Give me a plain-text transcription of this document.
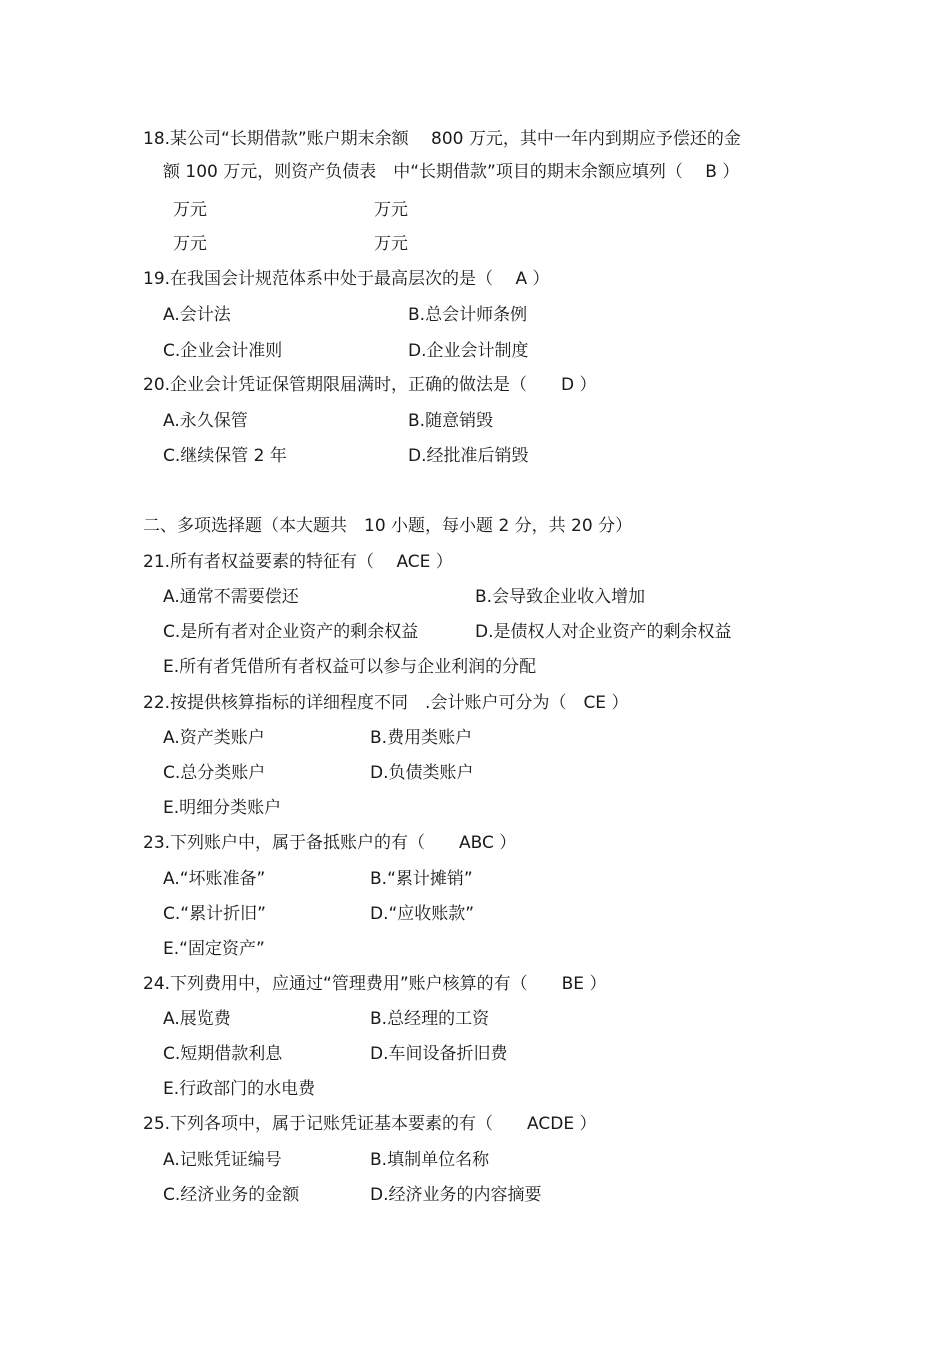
18.某公司“长期借款”账户期末余额　 800 万元，其中一年内到期应予偿还的金
额 100 万元，则资产负债表　中“长期借款”项目的期末余额应填列（　 B ）
万元	万元
万元	万元
19.在我国会计规范体系中处于最高层次的是（　 A ）
A.会计法	B.总会计师条例
C.企业会计准则	D.企业会计制度
20.企业会计凭证保管期限届满时，正确的做法是（　　D ）
A.永久保管	B.随意销毁
C.继续保管 2 年	D.经批准后销毁
二、多项选择题（本大题共　10 小题，每小题 2 分，共 20 分）
21.所有者权益要素的特征有（　 ACE ）
A.通常不需要偿还	B.会导致企业收入增加
C.是所有者对企业资产的剩余权益	D.是债权人对企业资产的剩余权益
E.所有者凭借所有者权益可以参与企业利润的分配
22.按提供核算指标的详细程度不同　.会计账户可分为（　CE ）
A.资产类账户	B.费用类账户
C.总分类账户	D.负债类账户
E.明细分类账户
23.下列账户中，属于备抵账户的有（　　ABC ）
A.“坏账准备”	B.“累计摊销”
C.“累计折旧”	D.“应收账款”
E.“固定资产”
24.下列费用中，应通过“管理费用”账户核算的有（　　BE ）
A.展览费	B.总经理的工资
C.短期借款利息	D.车间设备折旧费
E.行政部门的水电费
25.下列各项中，属于记账凭证基本要素的有（　　ACDE ）
A.记账凭证编号	B.填制单位名称
C.经济业务的金额	D.经济业务的内容摘要
